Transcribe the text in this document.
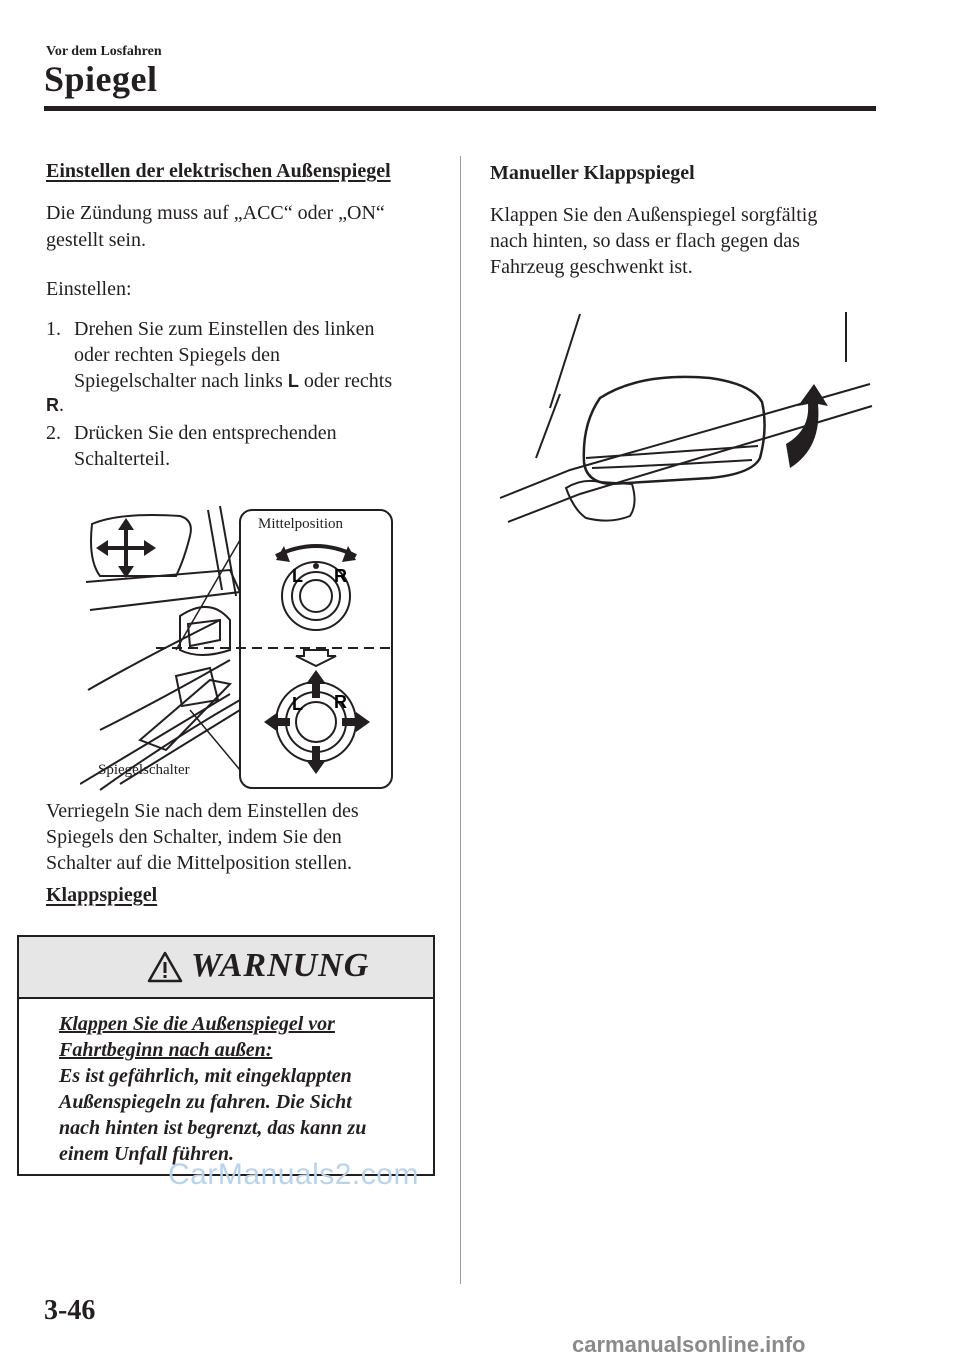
Vor dem Losfahren
Spiegel
Einstellen der elektrischen Außenspiegel
Die Zündung muss auf „ACC“ oder „ON“
gestellt sein.
Einstellen:
1. Drehen Sie zum Einstellen des linken
oder rechten Spiegels den
Spiegelschalter nach links L oder rechts
R.
2. Drücken Sie den entsprechenden
Schalterteil.
L R
L R
Mittelposition
Spiegelschalter
Verriegeln Sie nach dem Einstellen des
Spiegels den Schalter, indem Sie den
Schalter auf die Mittelposition stellen.
Klappspiegel
WARNUNG
Klappen Sie die Außenspiegel vor
Fahrtbeginn nach außen:
Es ist gefährlich, mit eingeklappten
Außenspiegeln zu fahren. Die Sicht
nach hinten ist begrenzt, das kann zu
einem Unfall führen.
Manueller Klappspiegel
Klappen Sie den Außenspiegel sorgfältig
nach hinten, so dass er flach gegen das
Fahrzeug geschwenkt ist.
3-46
CarManuals2.com
carmanualsonline.info
